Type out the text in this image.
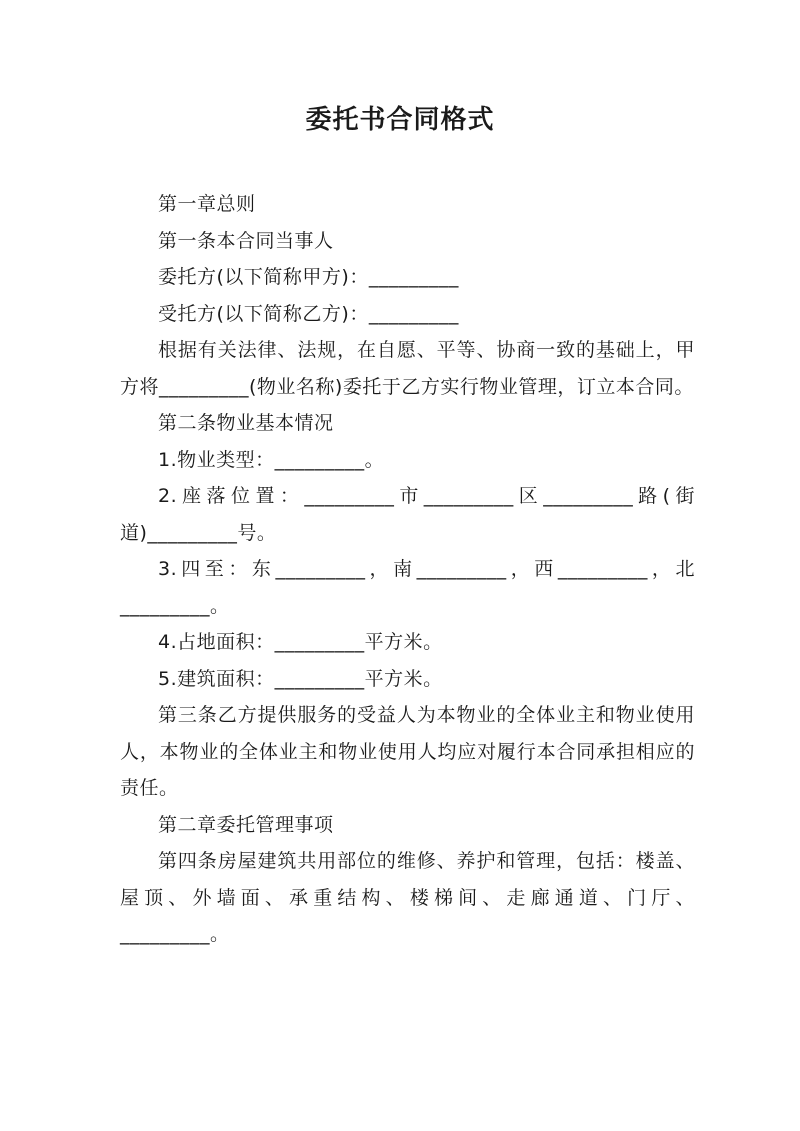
委托书合同格式

第一章总则

第一条本合同当事人

委托方(以下简称甲方)：_________

受托方(以下简称乙方)：_________

根据有关法律、法规，在自愿、平等、协商一致的基础上，甲方将_________(物业名称)委托于乙方实行物业管理，订立本合同。

第二条物业基本情况

1.物业类型：_________。

2.座落位置：_________市_________区_________路(街道)_________号。

3.四至：东_________，南_________，西_________，北_________。

4.占地面积：_________平方米。

5.建筑面积：_________平方米。

第三条乙方提供服务的受益人为本物业的全体业主和物业使用人，本物业的全体业主和物业使用人均应对履行本合同承担相应的责任。

第二章委托管理事项

第四条房屋建筑共用部位的维修、养护和管理，包括：楼盖、屋顶、外墙面、承重结构、楼梯间、走廊通道、门厅、_________。
